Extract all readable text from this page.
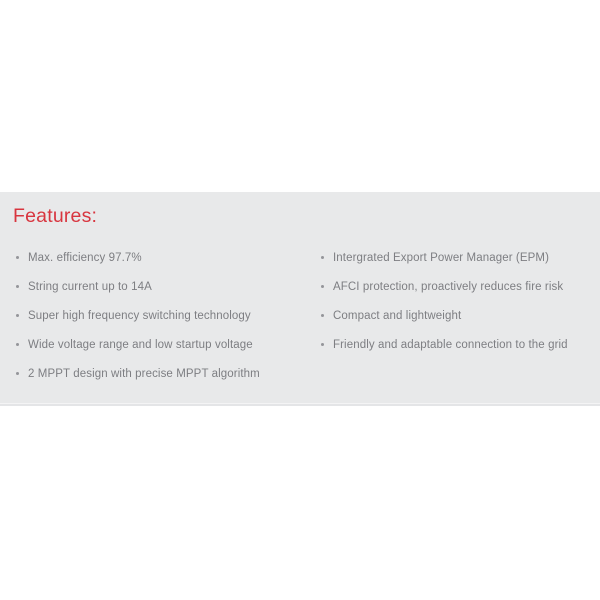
Features:
Max. efficiency 97.7%
String current up to 14A
Super high frequency switching technology
Wide voltage range and low startup voltage
2 MPPT design with precise MPPT algorithm
Intergrated Export Power Manager (EPM)
AFCI protection, proactively reduces fire risk
Compact and lightweight
Friendly and adaptable connection to the grid
